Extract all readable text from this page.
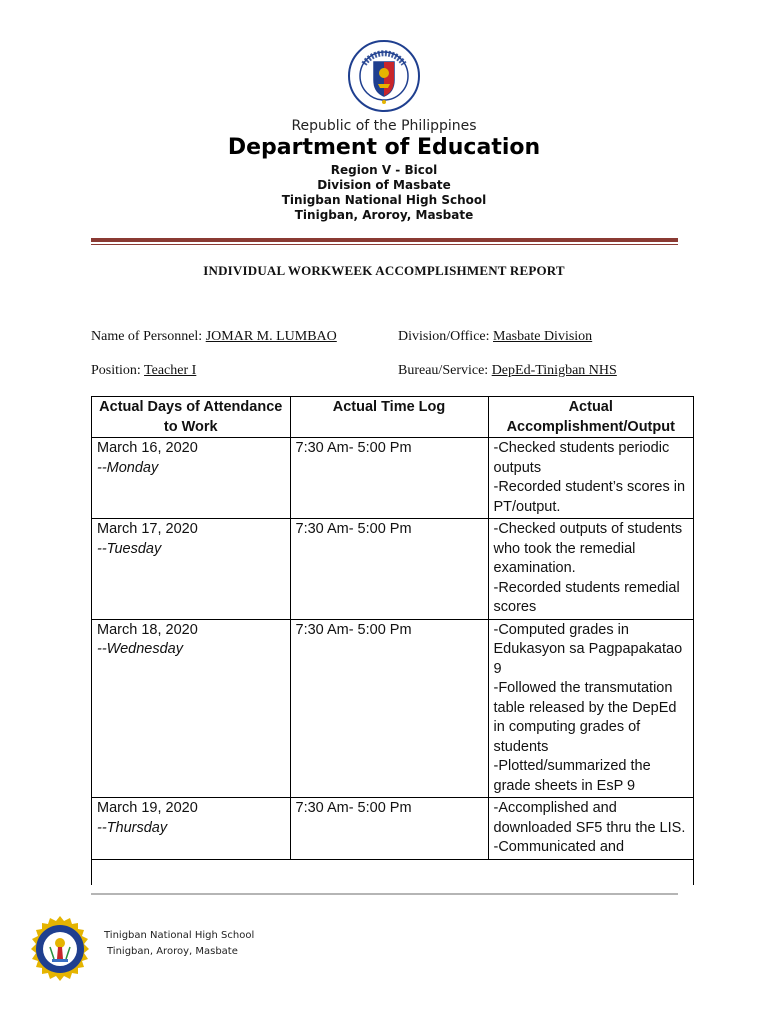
Republic of the Philippines
Department of Education
Region V - Bicol
Division of Masbate
Tinigban National High School
Tinigban, Aroroy, Masbate
INDIVIDUAL WORKWEEK ACCOMPLISHMENT REPORT
Name of Personnel: JOMAR M. LUMBAO	Division/Office: Masbate Division
Position: Teacher I	Bureau/Service: DepEd-Tinigban NHS
Actual Days of Attendance to Work	Actual Time Log	Actual Accomplishment/Output
March 16, 2020
--Monday	7:30 Am- 5:00 Pm	-Checked students periodic outputs
-Recorded student’s scores in PT/output.

March 17, 2020
--Tuesday	7:30 Am- 5:00 Pm	-Checked outputs of students who took the remedial examination.
-Recorded students remedial scores

March 18, 2020
--Wednesday	7:30 Am- 5:00 Pm	-Computed grades in Edukasyon sa Pagpapakatao 9
-Followed the transmutation table released by the DepEd in computing grades of students
-Plotted/summarized the grade sheets in EsP 9

March 19, 2020
--Thursday	7:30 Am- 5:00 Pm	-Accomplished and downloaded SF5 thru the LIS.
-Communicated and
Tinigban National High School
Tinigban, Aroroy, Masbate
